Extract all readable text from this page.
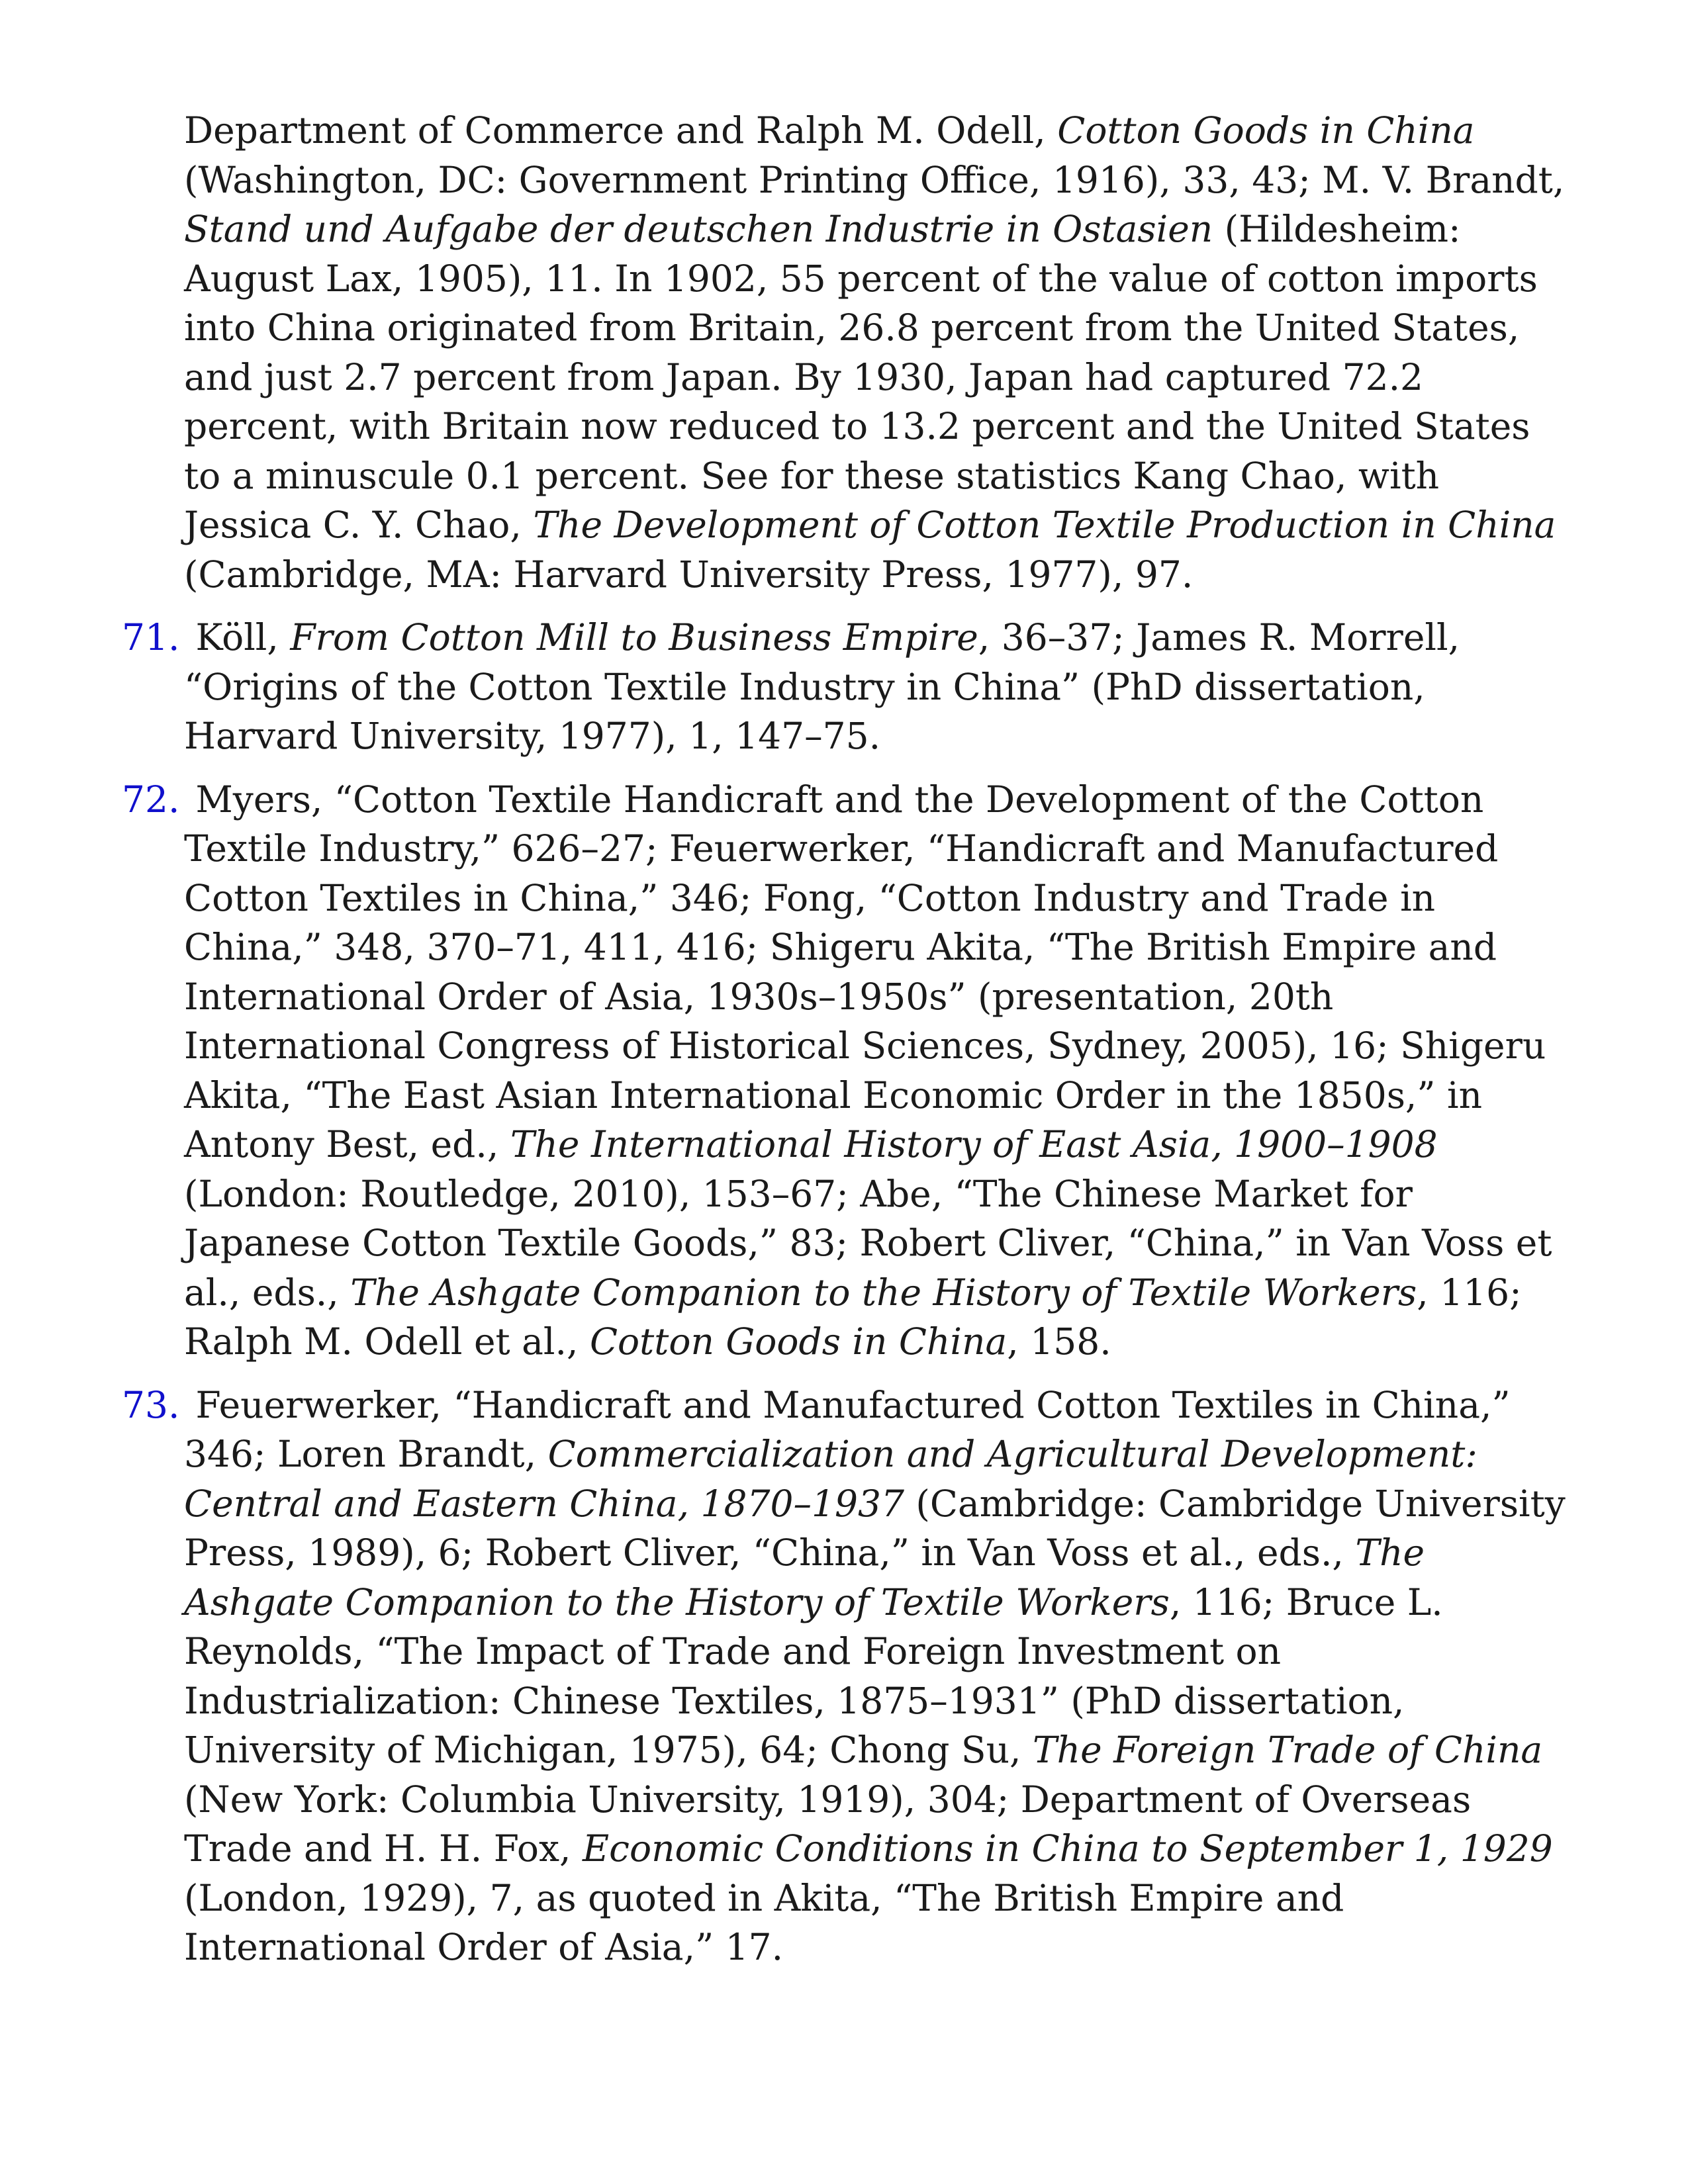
Department of Commerce and Ralph M. Odell, Cotton Goods in China (Washington, DC: Government Printing Office, 1916), 33, 43; M. V. Brandt, Stand und Aufgabe der deutschen Industrie in Ostasien (Hildesheim: August Lax, 1905), 11. In 1902, 55 percent of the value of cotton imports into China originated from Britain, 26.8 percent from the United States, and just 2.7 percent from Japan. By 1930, Japan had captured 72.2 percent, with Britain now reduced to 13.2 percent and the United States to a minuscule 0.1 percent. See for these statistics Kang Chao, with Jessica C. Y. Chao, The Development of Cotton Textile Production in China (Cambridge, MA: Harvard University Press, 1977), 97.

71. Köll, From Cotton Mill to Business Empire, 36–37; James R. Morrell, “Origins of the Cotton Textile Industry in China” (PhD dissertation, Harvard University, 1977), 1, 147–75.

72. Myers, “Cotton Textile Handicraft and the Development of the Cotton Textile Industry,” 626–27; Feuerwerker, “Handicraft and Manufactured Cotton Textiles in China,” 346; Fong, “Cotton Industry and Trade in China,” 348, 370–71, 411, 416; Shigeru Akita, “The British Empire and International Order of Asia, 1930s–1950s” (presentation, 20th International Congress of Historical Sciences, Sydney, 2005), 16; Shigeru Akita, “The East Asian International Economic Order in the 1850s,” in Antony Best, ed., The International History of East Asia, 1900–1908 (London: Routledge, 2010), 153–67; Abe, “The Chinese Market for Japanese Cotton Textile Goods,” 83; Robert Cliver, “China,” in Van Voss et al., eds., The Ashgate Companion to the History of Textile Workers, 116; Ralph M. Odell et al., Cotton Goods in China, 158.

73. Feuerwerker, “Handicraft and Manufactured Cotton Textiles in China,” 346; Loren Brandt, Commercialization and Agricultural Development: Central and Eastern China, 1870–1937 (Cambridge: Cambridge University Press, 1989), 6; Robert Cliver, “China,” in Van Voss et al., eds., The Ashgate Companion to the History of Textile Workers, 116; Bruce L. Reynolds, “The Impact of Trade and Foreign Investment on Industrialization: Chinese Textiles, 1875–1931” (PhD dissertation, University of Michigan, 1975), 64; Chong Su, The Foreign Trade of China (New York: Columbia University, 1919), 304; Department of Overseas Trade and H. H. Fox, Economic Conditions in China to September 1, 1929 (London, 1929), 7, as quoted in Akita, “The British Empire and International Order of Asia,” 17.
